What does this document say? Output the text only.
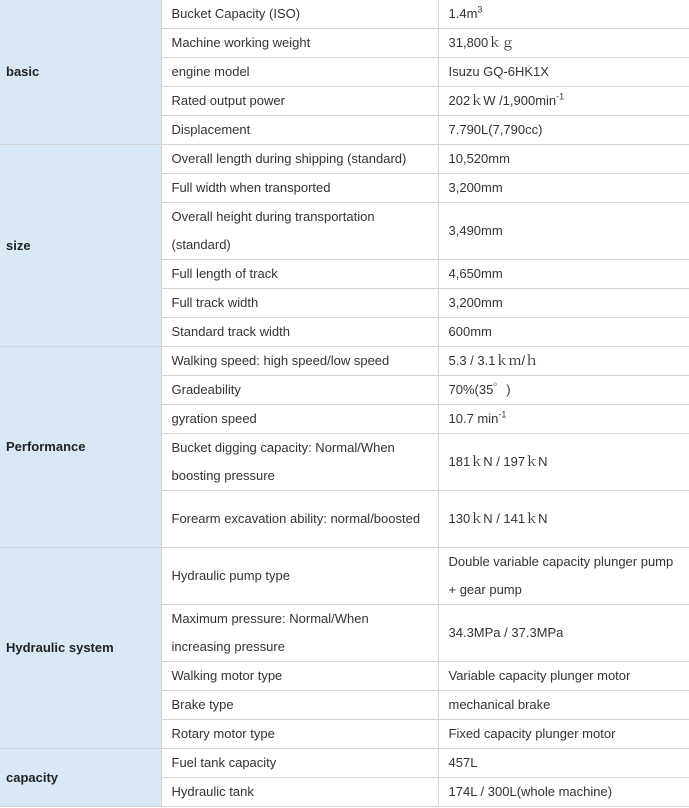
basic	Bucket Capacity (ISO)	$1.4m^3$
	Machine working weight	31,800ｋｇ
	engine model	Isuzu GQ-6HK1X
	Rated output power	202ｋW $/1,900\min^{-1}$
	Displacement	7.790L(7,790cc)
size	Overall length during shipping (standard)	10,520mm
	Full width when transported	3,200mm
	Overall height during transportation (standard)	3,490mm
	Full length of track	4,650mm
	Full track width	3,200mm
	Standard track width	600mm
Performance	Walking speed: high speed/low speed	5.3 / 3.1ｋｍ/ｈ
	Gradeability	70%(35゜)
	gyration speed	10.7 $\min^{-1}$
	Bucket digging capacity: Normal/When boosting pressure	181ｋN / 197ｋN
	Forearm excavation ability: normal/boosted	130ｋN / 141ｋN
Hydraulic system	Hydraulic pump type	Double variable capacity plunger pump + gear pump
	Maximum pressure: Normal/When increasing pressure	34.3MPa / 37.3MPa
	Walking motor type	Variable capacity plunger motor
	Brake type	mechanical brake
	Rotary motor type	Fixed capacity plunger motor
capacity	Fuel tank capacity	457L
	Hydraulic tank	174L / 300L(whole machine)
